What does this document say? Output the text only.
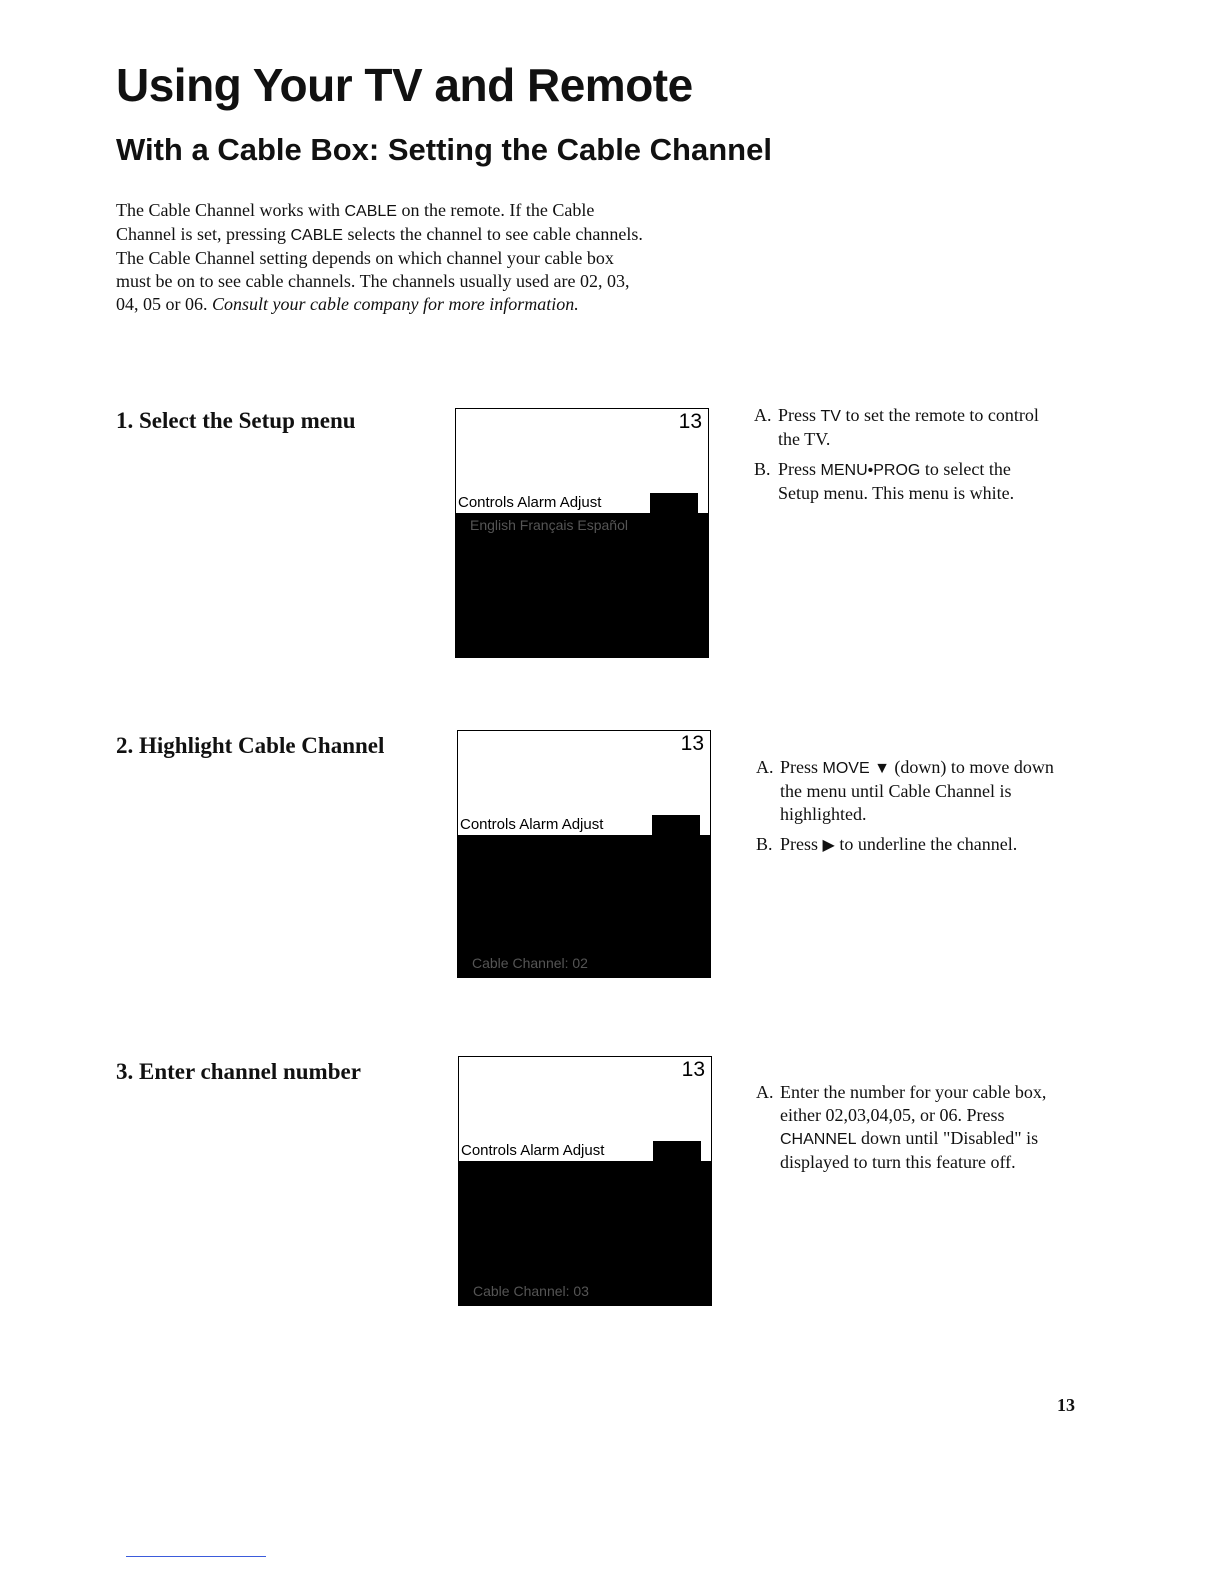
Using Your TV and Remote
With a Cable Box: Setting the Cable Channel

The Cable Channel works with CABLE on the remote. If the Cable
Channel is set, pressing CABLE selects the channel to see cable channels.
The Cable Channel setting depends on which channel your cable box
must be on to see cable channels. The channels usually used are 02, 03,
04, 05 or 06. Consult your cable company for more information.

1. Select the Setup menu	13
Controls Alarm Adjust
English Français Español
A. Press TV to set the remote to control the TV.
B. Press MENU•PROG to select the Setup menu. This menu is white.
2. Highlight Cable Channel	13
Controls Alarm Adjust
Cable Channel: 02
A. Press MOVE ▼ (down) to move down the menu until Cable Channel is highlighted.
B. Press ▶ to underline the channel.
3. Enter channel number	13
Controls Alarm Adjust
Cable Channel: 03
A. Enter the number for your cable box, either 02,03,04,05, or 06. Press CHANNEL down until "Disabled" is displayed to turn this feature off.
13
